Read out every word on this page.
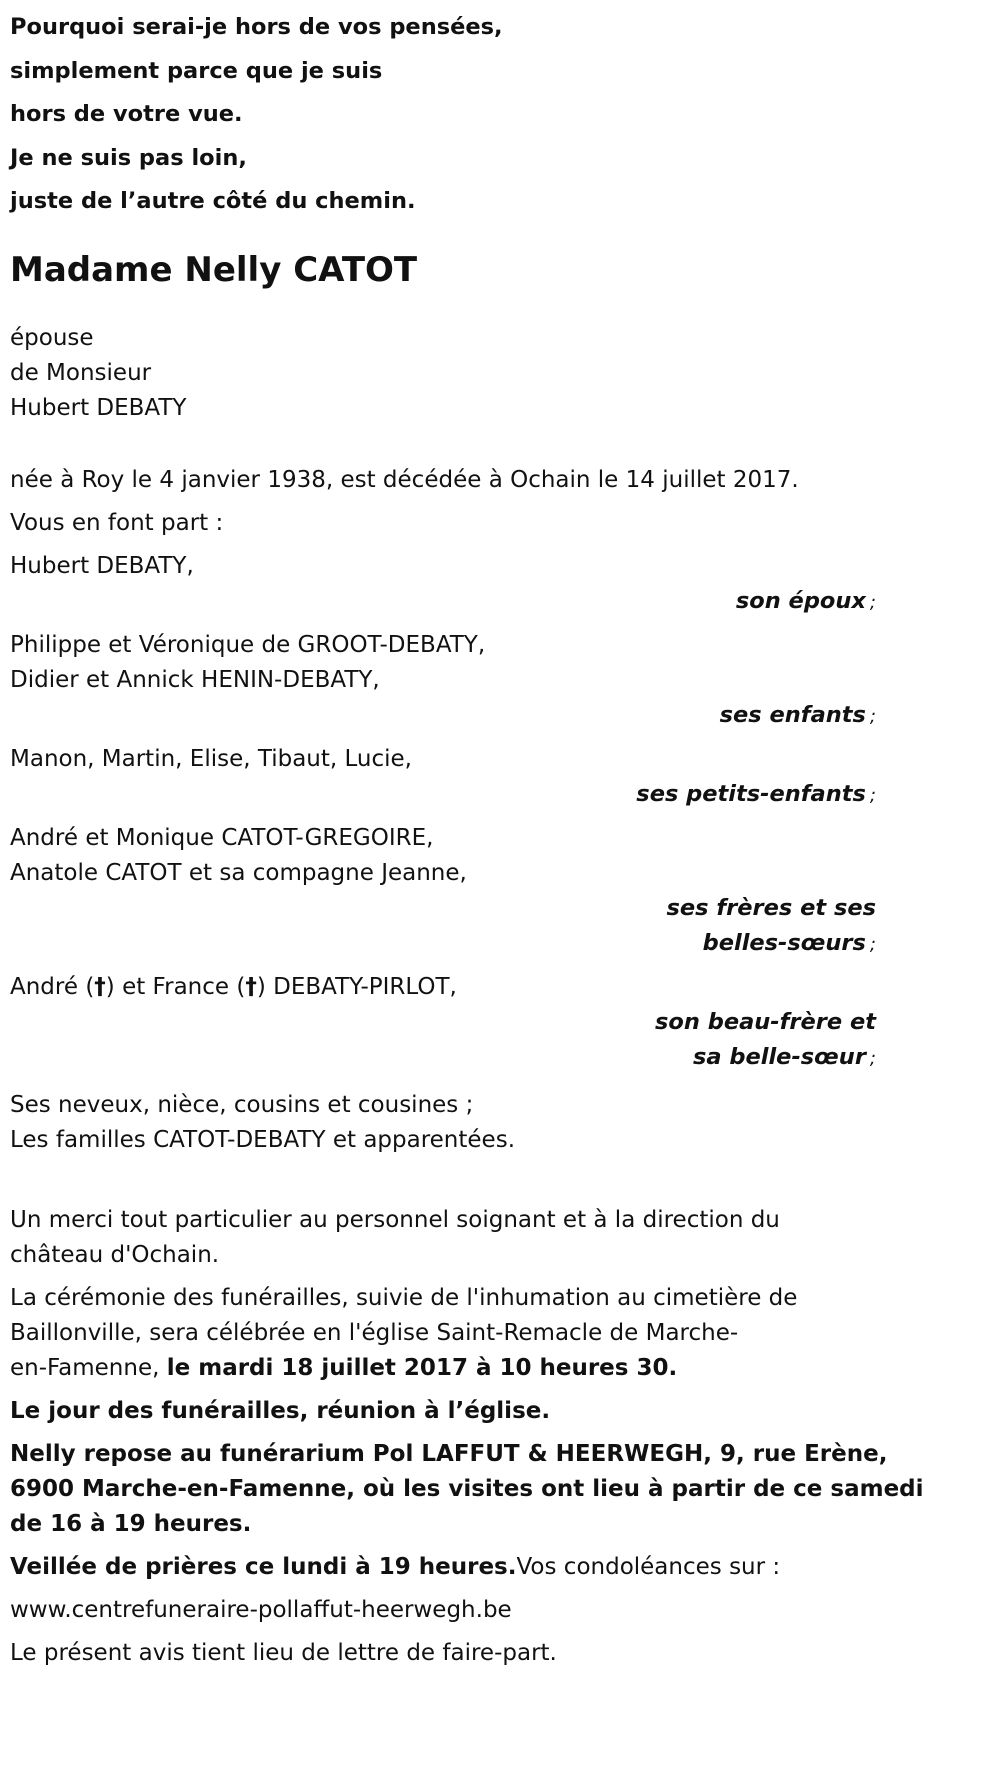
Pourquoi serai-je hors de vos pensées,

simplement parce que je suis

hors de votre vue.

Je ne suis pas loin,

juste de l’autre côté du chemin.

Madame Nelly CATOT
épouse
de Monsieur
Hubert DEBATY
née à Roy le 4 janvier 1938, est décédée à Ochain le 14 juillet 2017.
Vous en font part :
Hubert DEBATY,
son époux ;
Philippe et Véronique de GROOT-DEBATY,
Didier et Annick HENIN-DEBATY,
ses enfants ;
Manon, Martin, Elise, Tibaut, Lucie,
ses petits-enfants ;
André et Monique CATOT-GREGOIRE,
Anatole CATOT et sa compagne Jeanne,
ses frères et ses
belles-sœurs ;
André (†) et France (†) DEBATY-PIRLOT,
son beau-frère et
sa belle-sœur ;
Ses neveux, nièce, cousins et cousines ;
Les familles CATOT-DEBATY et apparentées.
Un merci tout particulier au personnel soignant et à la direction du
château d'Ochain.
La cérémonie des funérailles, suivie de l'inhumation au cimetière de
Baillonville, sera célébrée en l'église Saint-Remacle de Marche-
en-Famenne, le mardi 18 juillet 2017 à 10 heures 30.
Le jour des funérailles, réunion à l’église.
Nelly repose au funérarium Pol LAFFUT & HEERWEGH, 9, rue Erène,
6900 Marche-en-Famenne, où les visites ont lieu à partir de ce samedi
de 16 à 19 heures.
Veillée de prières ce lundi à 19 heures.Vos condoléances sur :
www.centrefuneraire-pollaffut-heerwegh.be
Le présent avis tient lieu de lettre de faire-part.
